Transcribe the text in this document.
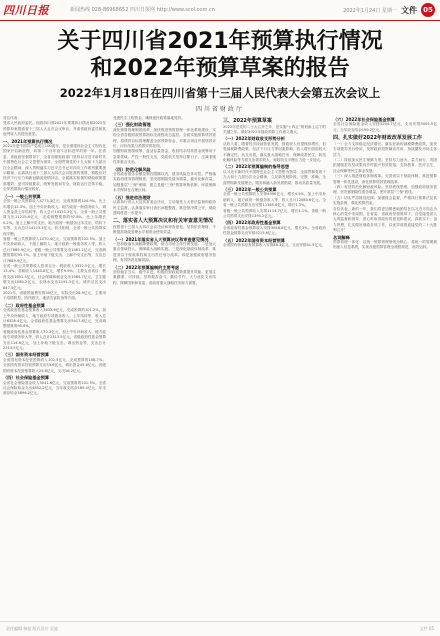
四川日报	新闻热线 028-86968652 四川日报网 http://www.scol.com.cn	2022年1月24日 星期一 文件 05
关于四川省2021年预算执行情况
和2022年预算草案的报告
2022年1月18日在四川省第十三届人民代表大会第五次会议上
四川省财政厅

各位代表：

受省人民政府委托，现将四川省2021年预算执行情况和2022年预算草案提请省十三届人大五次会议审议，并请省政协委员和其他列席人员提出意见。

一、2021年预算执行情况

2021年是中国共产党成立100周年，是全面建设社会主义现代化国家开启新征程、向第二个百年奋斗目标进军的第一年。在省委、省政府坚强领导下，全省各级财政部门坚持以习近平新时代中国特色社会主义思想为指导，全面贯彻党的十九大和十九届历次全会精神，深入贯彻落实习近平总书记对四川工作系列重要指示精神，认真执行省十三届人大四次会议批准的预算，积极应对经济下行压力和新冠肺炎疫情冲击，全面落实积极的财政政策提质增效、更可持续要求，统筹发展和安全，财政运行总体平稳，全年预算执行情况较好。

（一）一般公共预算

全省一般公共预算收入4773.3亿元，完成预算的104.9%，比上年增长12.3%。加上中央补助收入、地方政府一般债务收入、调入资金及上年结转等，收入总计14123.3亿元。全省一般公共预算支出11215.6亿元，完成调整预算的97.8%，比上年增长0.2%。加上上解中央支出、地方政府一般债务还本支出、结转下年等，支出总计14123.3亿元。收支相抵，全省一般公共预算实现平衡。

省级一般公共预算收入1070.4亿元，完成预算的102.3%。加上中央补助收入、下级上解收入、地方政府一般债务收入等，收入总计7689.9亿元。省级一般公共预算支出1481.1亿元，完成调整预算的95.7%。加上补助下级支出、上解中央支出等，支出总计7689.9亿元。

全省一般公共预算收入按项目分：税收收入3332.5亿元，增长13.4%；非税收入1440.8亿元，增长9.9%。主要支出项目：教育支出1691.3亿元，社会保障和就业支出1984.7亿元，卫生健康支出1080.2亿元，农林水支出1191.3亿元，城乡社区支出847.5亿元。

2021年，省级预备费安排30亿元，实际支出28.9亿元，主要用于疫情防控、防汛救灾、地质灾害防治等方面。

（二）政府性基金预算

全省政府性基金预算收入3832.6亿元，完成预算的101.2%。加上中央补助收入、地方政府专项债务收入、上年结转等，收入总计6328.4亿元。全省政府性基金预算支出5417.8亿元，完成调整预算的95.6%。

省级政府性基金预算收入70.3亿元，加上中央补助收入、地方政府专项债务收入等，收入总计2313.5亿元。省级政府性基金预算支出114.6亿元，加上补助下级支出、调出资金等，支出总计2313.5亿元。

（三）国有资本经营预算

全省国有资本经营预算收入102.5亿元，完成预算的108.7%。全省国有资本经营预算支出53.6亿元，调出资金49.6亿元。省级国有资本经营预算收入29.8亿元，支出18.2亿元。

（四）社会保险基金预算

全省社会保险基金收入5041.6亿元，完成预算的101.3%。全省社会保险基金支出4852.2亿元，当年收支结余189.4亿元，年末滚存结余3896.2亿元。

受惠民生工程资金，确保惠民政策落地见效。

（三）强化财政管理

深化预算管理制度改革，加快推进预算管理一体化系统建设，实现全省各级财政预算指标全流程动态监控。全面实施预算绩效管理，将绩效目标管理覆盖全部预算资金，对重点项目开展绩效评价，评价结果与预算安排挂钩。

加强财政资源统筹，盘活存量资金，收回结余结转资金统筹用于急需领域。严控一般性支出，党政机关坚持过紧日子，压减非刚性非重点支出。

（四）防范化解风险

全省政府债务余额控制在限额以内，债务风险总体可控。严格落实政府债务管理制度，坚决遏制隐性债务增量，稳妥化解存量。加强基层"三保"保障，建立县级"三保"预算审核机制，库款保障水平保持在合理区间。

（五）推进依法理财

认真执行省人大及其常委会决议，主动接受人大依法监督和政协民主监督。认真落实审计查出问题整改，推进预决算公开，财政透明度进一步提升。

二、落实省人大预算决议和有关审查意见情况

按照省十三届人大四次会议决议和审查意见，坚持依法理财，不断提高财政管理水平和资金使用效益。

（一）2021年落实省人大预算决议和审查意见情况

一是积极落实减税降费政策，助力市场主体纾困发展。二是加大重点领域投入，保障重大战略实施。三是深化财政体制改革，推进省以下财政事权和支出责任划分改革。四是加强政府债务管理，有效防范化解风险。

（二）2022年预算编制的主要考虑

坚持稳字当头、稳中求进，积极的财政政策要提升效能，更加注重精准、可持续。坚持艰苦奋斗、勤俭节约，大力优化支出结构，保障国家和省委、省政府重大战略任务财力需要。

三、2022年预算草案

2022年是党的二十大召开之年，是实施"十四五"规划承上启下的关键之年。做好2022年财政预算工作意义重大。

（一）2022年财政收支形势分析

从收入看，随着经济持续恢复发展，财政收入有望保持增长，但受减税降费政策、经济下行压力等因素影响，收入增长面临较大不确定性。从支出看，落实重大战略任务、保障改善民生、防范化解风险等方面支出需求较大，财政收支平衡压力进一步加大。

（二）2022年预算编制的指导思想

以习近平新时代中国特色社会主义思想为指导，全面贯彻党的十九大和十九届历次全会精神，立足新发展阶段，完整、准确、全面贯彻新发展理念，服务和融入新发展格局，推动高质量发展。

（三）2022年一般公共预算

全省一般公共预算收入安排4990亿元，增长4.5%。加上中央补助收入、地方政府一般债务收入等，收入总计12080.6亿元。全省一般公共预算支出安排11365.8亿元，增长1.3%。

省级一般公共预算收入安排1114.7亿元，增长4.1%。省级一般公共预算支出安排1395.2亿元。

（四）2022年政府性基金预算

全省政府性基金预算收入安排3948.8亿元，增长3%。全省政府性基金预算支出安排5215.6亿元。

（五）2022年国有资本经营预算

全省国有资本经营预算收入安排88.3亿元，支出安排41.5亿元。

（六）2022年社会保险基金预算

全省社会保险基金收入安排5204.7亿元，支出安排5005.5亿元，当年收支结余199.2亿元。

四、扎实做好2022年财政改革发展工作

（一）全力支持稳定经济增长。落实好新的减税降费政策，加快专项债券发行使用，发挥政府投资撬动作用，持续激发市场主体活力。

（二）持续加大民生保障力度。坚持尽力而为、量力而行，巩固拓展脱贫攻坚成果同乡村振兴有效衔接，支持教育、医疗卫生、社会保障等民生事业发展。

（三）深入推进财政体制改革。完善省以下财政体制，推进预算管理一体化建设，深化预算绩效管理改革。

（四）有效防范化解财政风险。坚持底线思维，加强政府债务管理，坚决遏制隐性债务增量，兜牢基层"三保"底线。

（五）切实严肃财经纪律。加强财会监督，严格执行预算法及其实施条例，强化预算约束。

各位代表，新的一年，我们将更加紧密地团结在以习近平同志为核心的党中央周围，在省委、省政府坚强领导下，自觉接受省人大的监督和指导，虚心听取省政协的意见和建议，真抓实干、奋力拼搏，扎实做好财政各项工作，以优异成绩迎接党的二十大胜利召开！

名词解释

预算管理一体化：以统一预算管理规则为核心，将统一的管理规则嵌入信息系统，实现各级预算管理全流程规范、高效运转。

责任编辑 杨旭 版式设计 吴迪	文件 05
